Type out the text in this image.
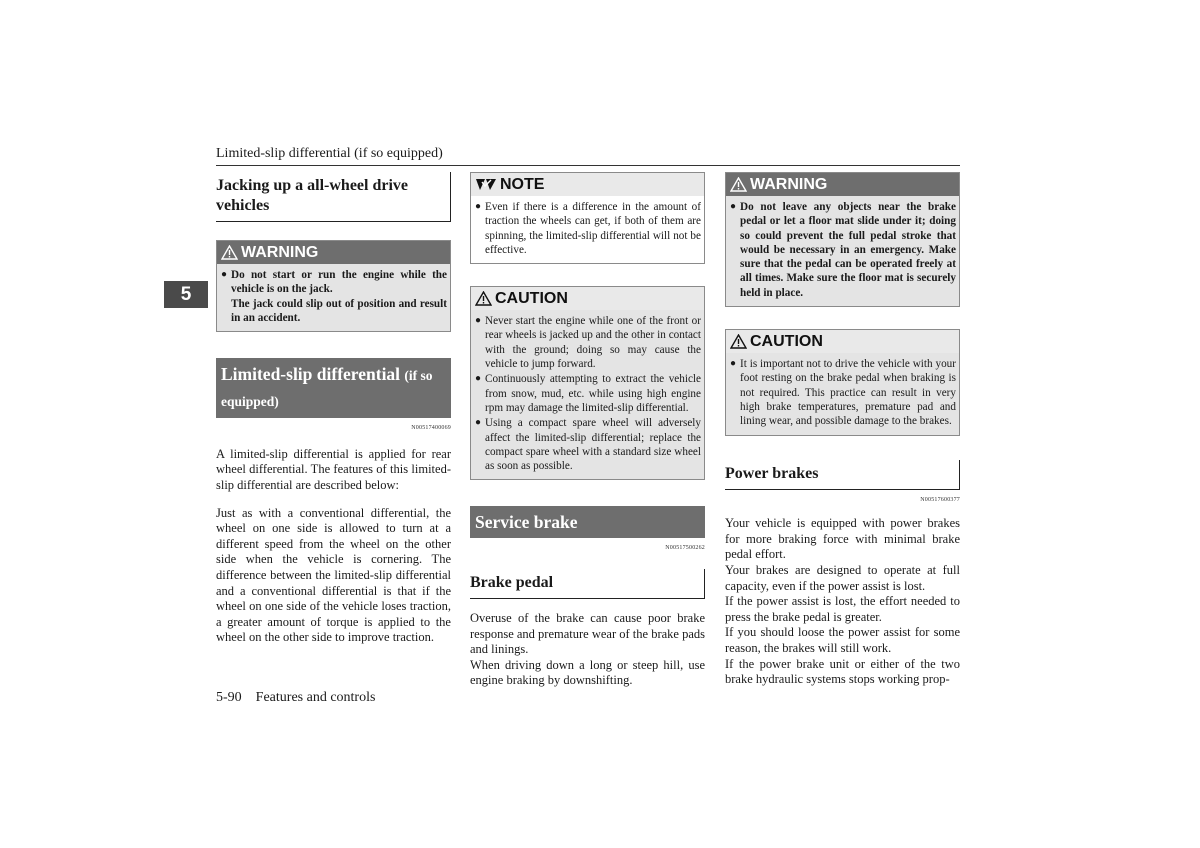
Limited-slip differential (if so equipped)
5
Jacking up a all-wheel drive vehicles
WARNING
● Do not start or run the engine while the vehicle is on the jack.
The jack could slip out of position and result in an accident.
Limited-slip differential (if so equipped)
N00517400069

A limited-slip differential is applied for rear wheel differential. The features of this limited-slip differential are described below:

Just as with a conventional differential, the wheel on one side is allowed to turn at a different speed from the wheel on the other side when the vehicle is cornering. The difference between the limited-slip differential and a conventional differential is that if the wheel on one side of the vehicle loses traction, a greater amount of torque is applied to the wheel on the other side to improve traction.

NOTE
● Even if there is a difference in the amount of traction the wheels can get, if both of them are spinning, the limited-slip differential will not be effective.
CAUTION
● Never start the engine while one of the front or rear wheels is jacked up and the other in contact with the ground; doing so may cause the vehicle to jump forward.
● Continuously attempting to extract the vehicle from snow, mud, etc. while using high engine rpm may damage the limited-slip differential.
● Using a compact spare wheel will adversely affect the limited-slip differential; replace the compact spare wheel with a standard size wheel as soon as possible.
Service brake
N00517500262
Brake pedal

Overuse of the brake can cause poor brake response and premature wear of the brake pads and linings.

When driving down a long or steep hill, use engine braking by downshifting.

WARNING
● Do not leave any objects near the brake pedal or let a floor mat slide under it; doing so could prevent the full pedal stroke that would be necessary in an emergency. Make sure that the pedal can be operated freely at all times. Make sure the floor mat is securely held in place.
CAUTION
● It is important not to drive the vehicle with your foot resting on the brake pedal when braking is not required. This practice can result in very high brake temperatures, premature pad and lining wear, and possible damage to the brakes.
Power brakes
N00517600377

Your vehicle is equipped with power brakes for more braking force with minimal brake pedal effort.

Your brakes are designed to operate at full capacity, even if the power assist is lost.

If the power assist is lost, the effort needed to press the brake pedal is greater.

If you should loose the power assist for some reason, the brakes will still work.

If the power brake unit or either of the two brake hydraulic systems stops working prop-

5-90 Features and controls
